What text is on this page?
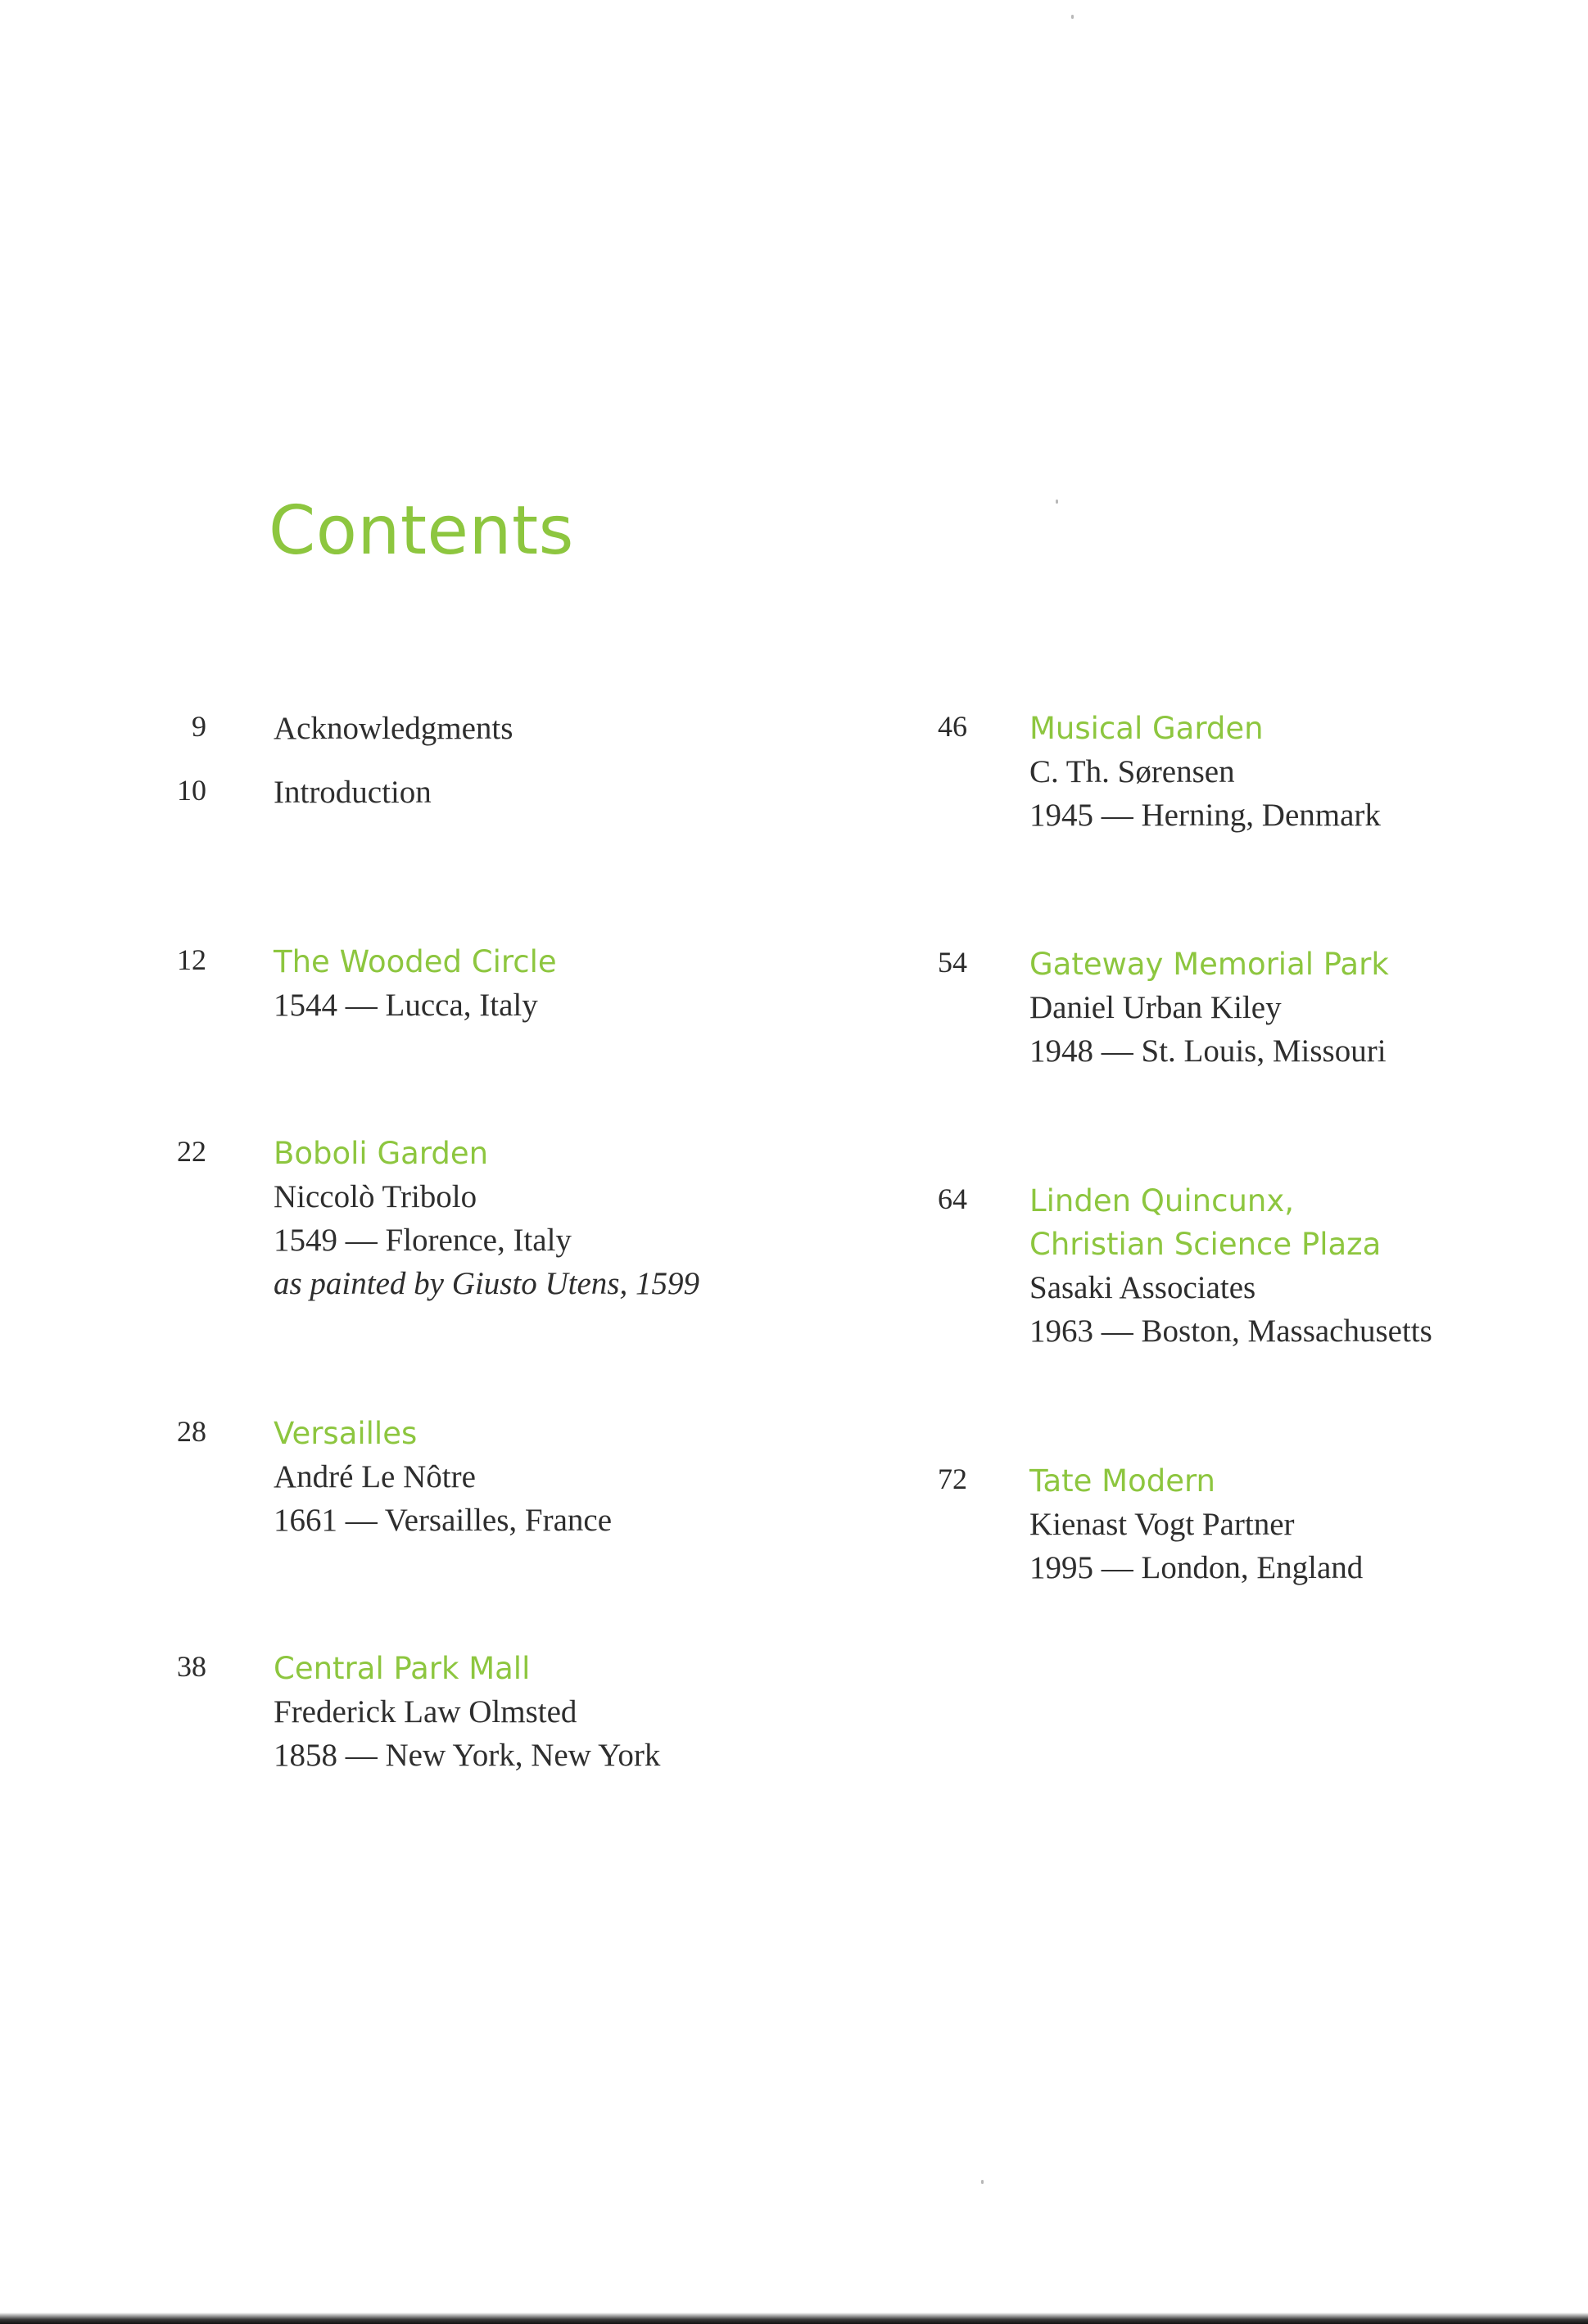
Contents
9 Acknowledgments
10 Introduction
12 The Wooded Circle
1544 — Lucca, Italy
22 Boboli Garden
Niccolò Tribolo
1549 — Florence, Italy
as painted by Giusto Utens, 1599
28 Versailles
André Le Nôtre
1661 — Versailles, France
38 Central Park Mall
Frederick Law Olmsted
1858 — New York, New York
46 Musical Garden
C. Th. Sørensen
1945 — Herning, Denmark
54 Gateway Memorial Park
Daniel Urban Kiley
1948 — St. Louis, Missouri
64 Linden Quincunx,
Christian Science Plaza
Sasaki Associates
1963 — Boston, Massachusetts
72 Tate Modern
Kienast Vogt Partner
1995 — London, England
